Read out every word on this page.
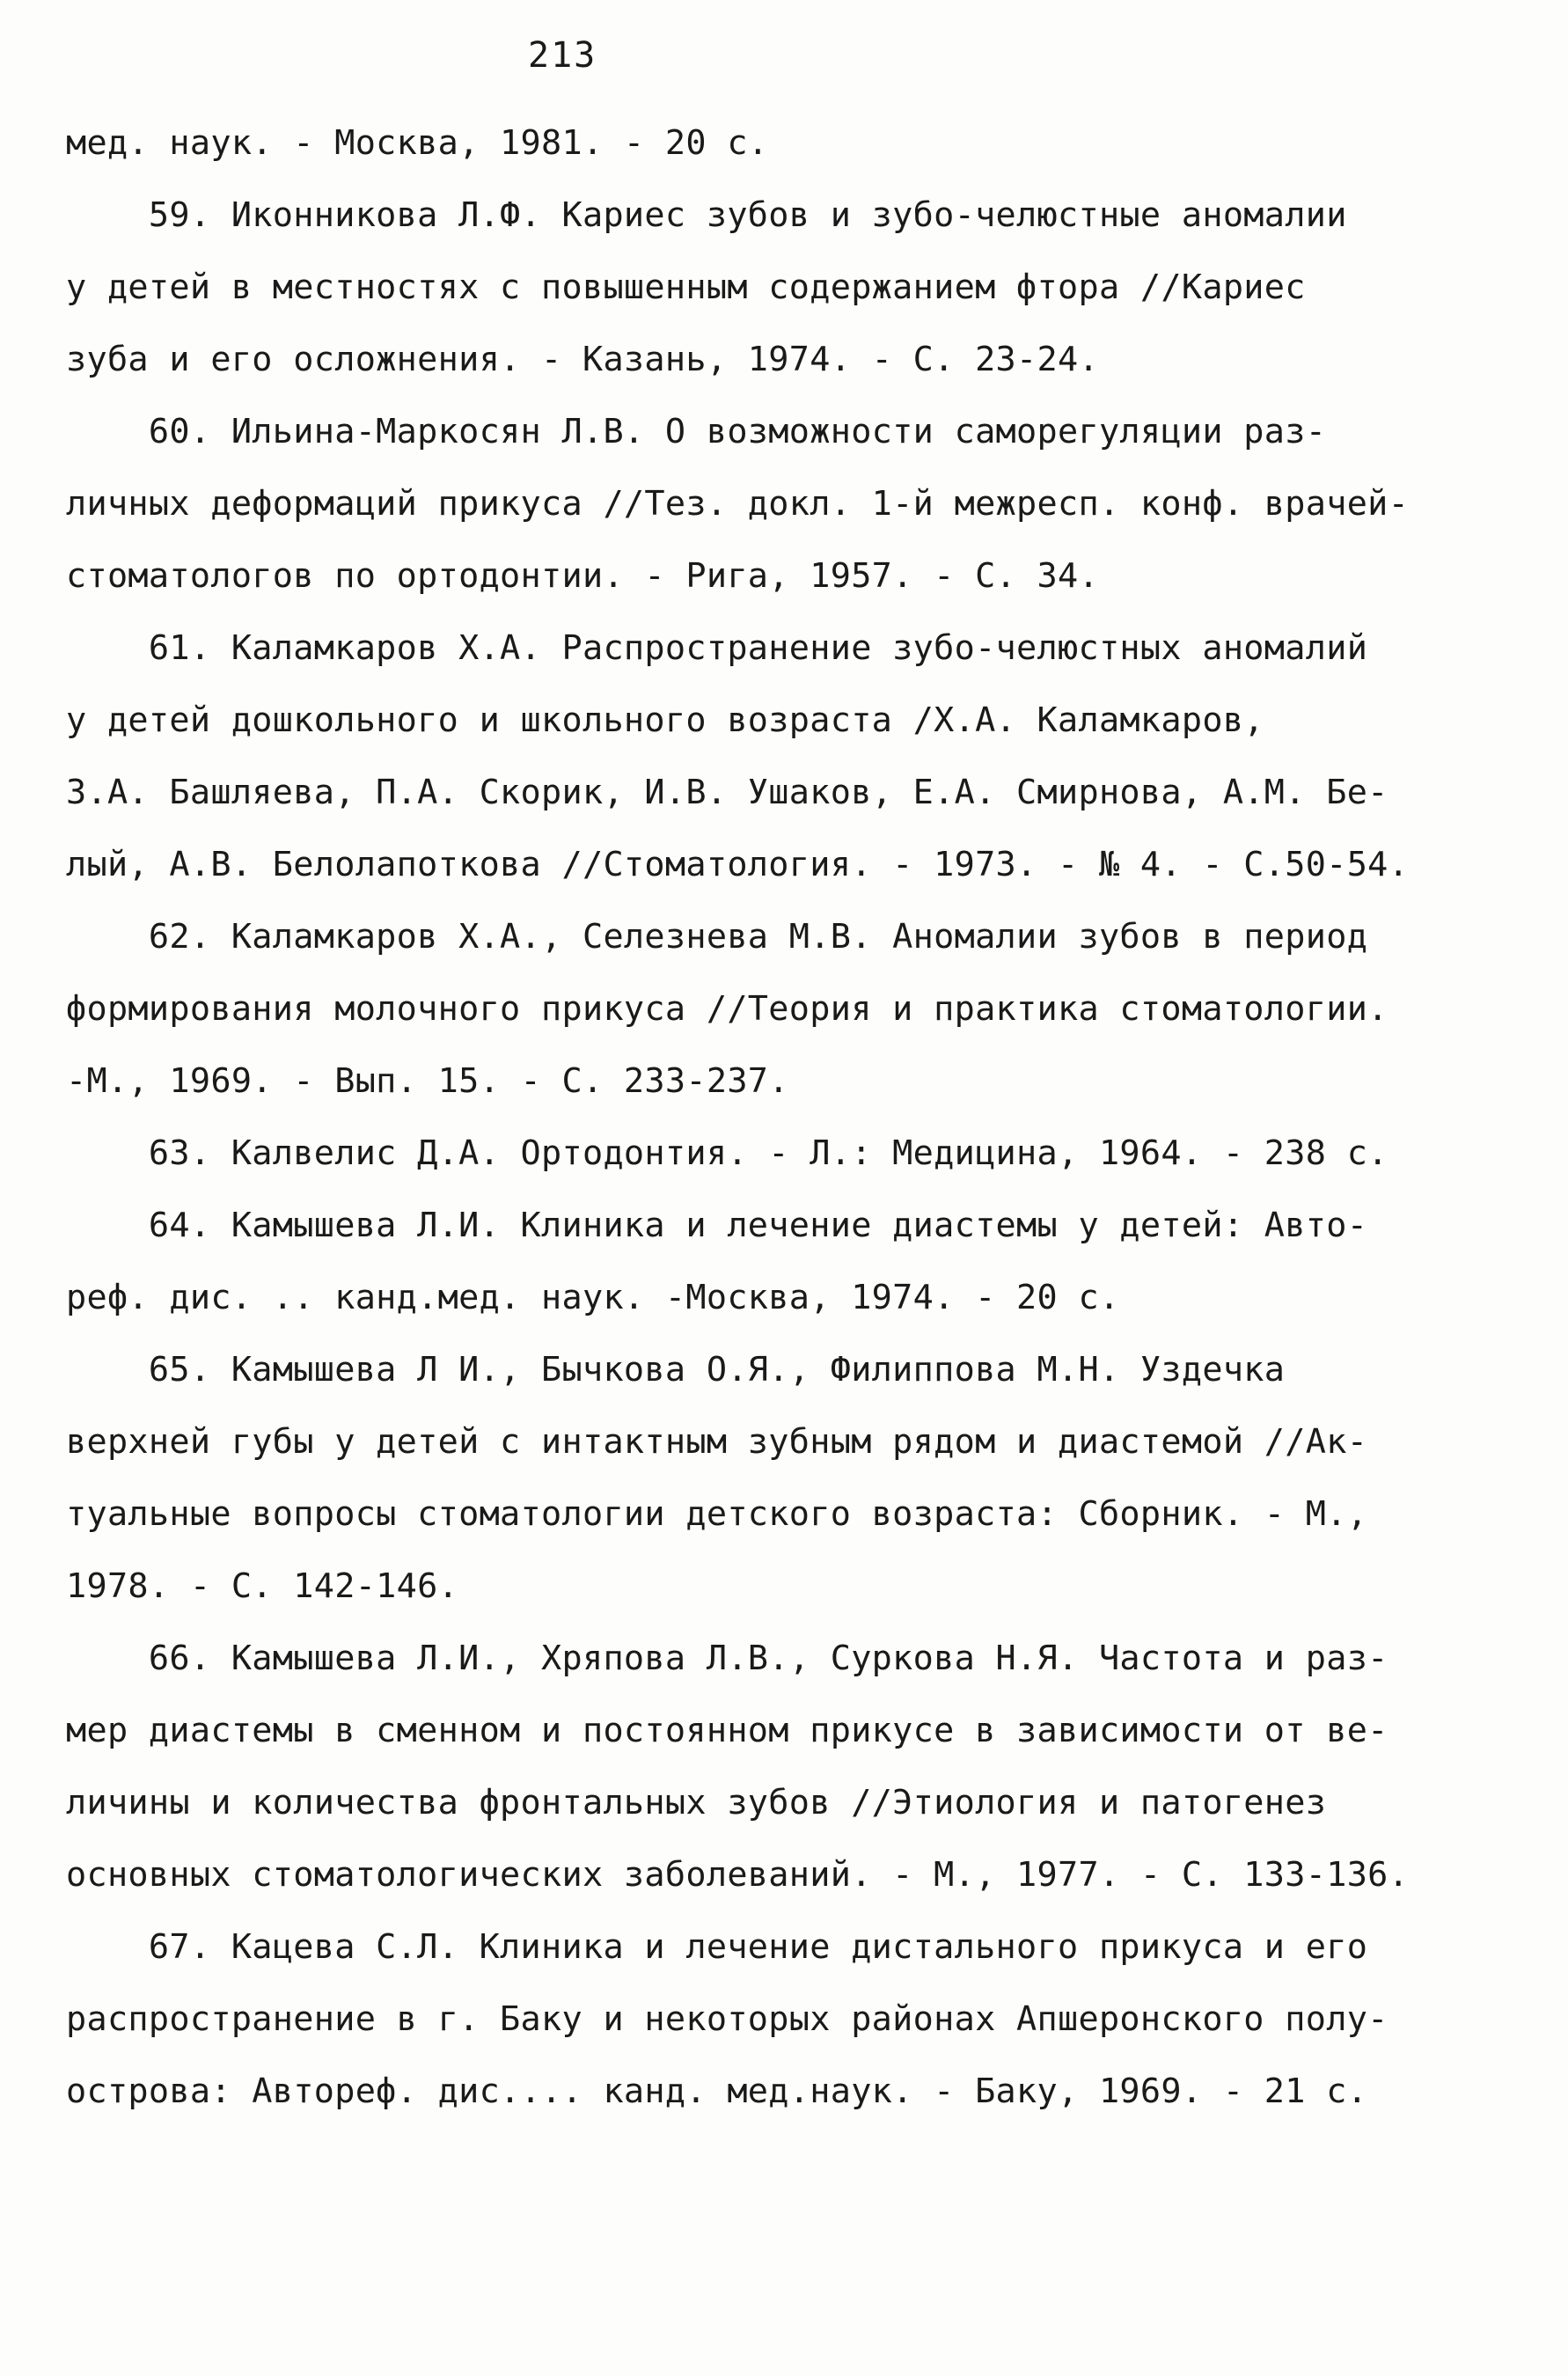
213
мед. наук. - Москва, 1981. - 20 с.
59. Иконникова Л.Ф. Кариес зубов и зубо-челюстные аномалии
у детей в местностях с повышенным содержанием фтора //Кариес
зуба и его осложнения. - Казань, 1974. - С. 23-24.
60. Ильина-Маркосян Л.В. О возможности саморегуляции раз-
личных деформаций прикуса //Тез. докл. 1-й межресп. конф. врачей-
стоматологов по ортодонтии. - Рига, 1957. - С. 34.
61. Каламкаров Х.А. Распространение зубо-челюстных аномалий
у детей дошкольного и школьного возраста /Х.А. Каламкаров,
З.А. Башляева, П.А. Скорик, И.В. Ушаков, Е.А. Смирнова, А.М. Бе-
лый, А.В. Белолапоткова //Стоматология. - 1973. - № 4. - С.50-54.
62. Каламкаров Х.А., Селезнева М.В. Аномалии зубов в период
формирования молочного прикуса //Теория и практика стоматологии.
-М., 1969. - Вып. 15. - С. 233-237.
63. Калвелис Д.А. Ортодонтия. - Л.: Медицина, 1964. - 238 с.
64. Камышева Л.И. Клиника и лечение диастемы у детей: Авто-
реф. дис. .. канд.мед. наук. -Москва, 1974. - 20 с.
65. Камышева Л И., Бычкова О.Я., Филиппова М.Н. Уздечка
верхней губы у детей с интактным зубным рядом и диастемой //Ак-
туальные вопросы стоматологии детского возраста: Сборник. - М.,
1978. - С. 142-146.
66. Камышева Л.И., Хряпова Л.В., Суркова Н.Я. Частота и раз-
мер диастемы в сменном и постоянном прикусе в зависимости от ве-
личины и количества фронтальных зубов //Этиология и патогенез
основных стоматологических заболеваний. - М., 1977. - С. 133-136.
67. Кацева С.Л. Клиника и лечение дистального прикуса и его
распространение в г. Баку и некоторых районах Апшеронского полу-
острова: Автореф. дис.... канд. мед.наук. - Баку, 1969. - 21 с.
